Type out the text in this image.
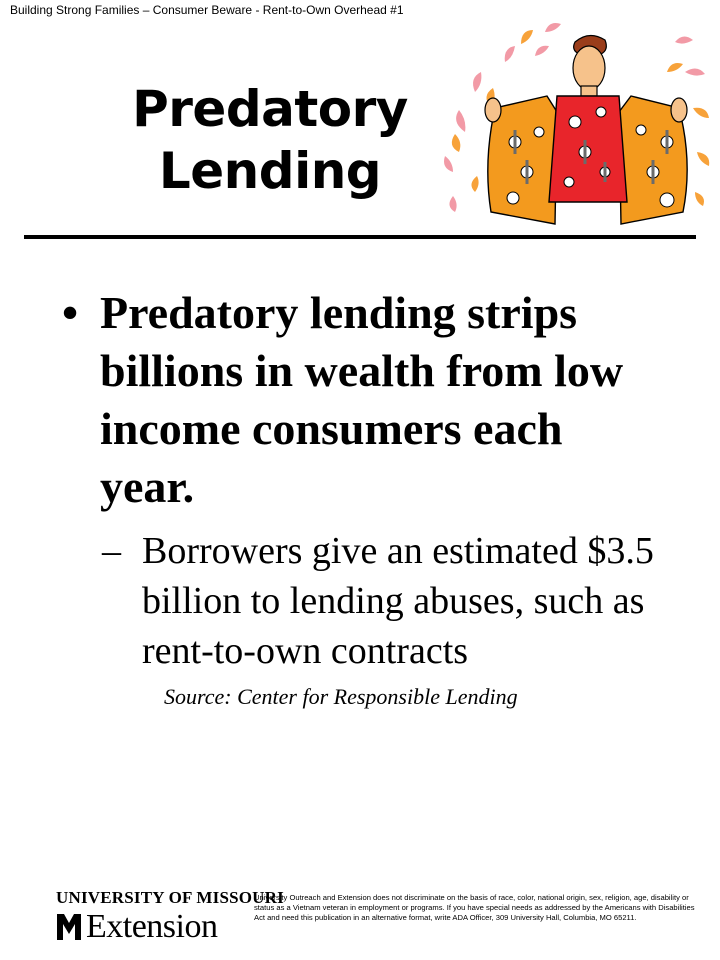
Building Strong Families – Consumer Beware - Rent-to-Own Overhead #1
Predatory
Lending
• Predatory lending strips billions in wealth from low income consumers each year.
– Borrowers give an estimated $3.5 billion to lending abuses, such as rent-to-own contracts
Source: Center for Responsible Lending
UNIVERSITY OF MISSOURI
Extension
University Outreach and Extension does not discriminate on the basis of race, color, national origin, sex, religion, age, disability or status as a Vietnam veteran in employment or programs. If you have special needs as addressed by the Americans with Disabilities Act and need this publication in an alternative format, write ADA Officer, 309 University Hall, Columbia, MO 65211.
